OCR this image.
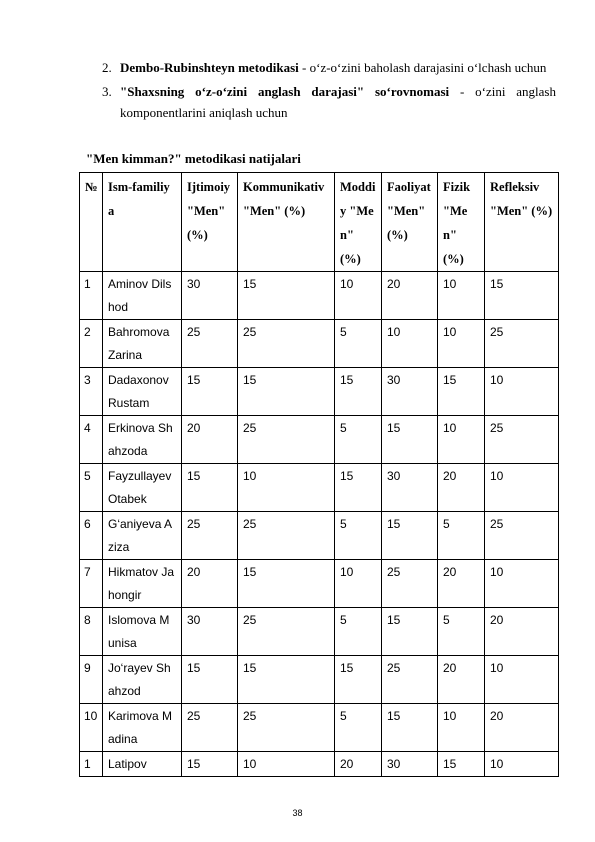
2. Dembo-Rubinshteyn metodikasi - o‘z-o‘zini baholash darajasini o‘lchash uchun
3. "Shaxsning o‘z-o‘zini anglash darajasi" so‘rovnomasi - o‘zini anglash komponentlarini aniqlash uchun
"Men kimman?" metodikasi natijalari
№	Ism-familiya	Ijtimoiy "Men" (%)	Kommunikativ "Men" (%)	Moddiy "Men" (%)	Faoliyat "Men" (%)	Fizik "Men" (%)	Refleksiv "Men" (%)
1	Aminov Dilshod	30	15	10	20	10	15
2	Bahromova Zarina	25	25	5	10	10	25
3	Dadaxonov Rustam	15	15	15	30	15	10
4	Erkinova Shahzoda	20	25	5	15	10	25
5	Fayzullayev Otabek	15	10	15	30	20	10
6	G‘aniyeva Aziza	25	25	5	15	5	25
7	Hikmatov Jahongir	20	15	10	25	20	10
8	Islomova Munisa	30	25	5	15	5	20
9	Jo‘rayev Shahzod	15	15	15	25	20	10
10	Karimova Madina	25	25	5	15	10	20
1	Latipov	15	10	20	30	15	10
38
